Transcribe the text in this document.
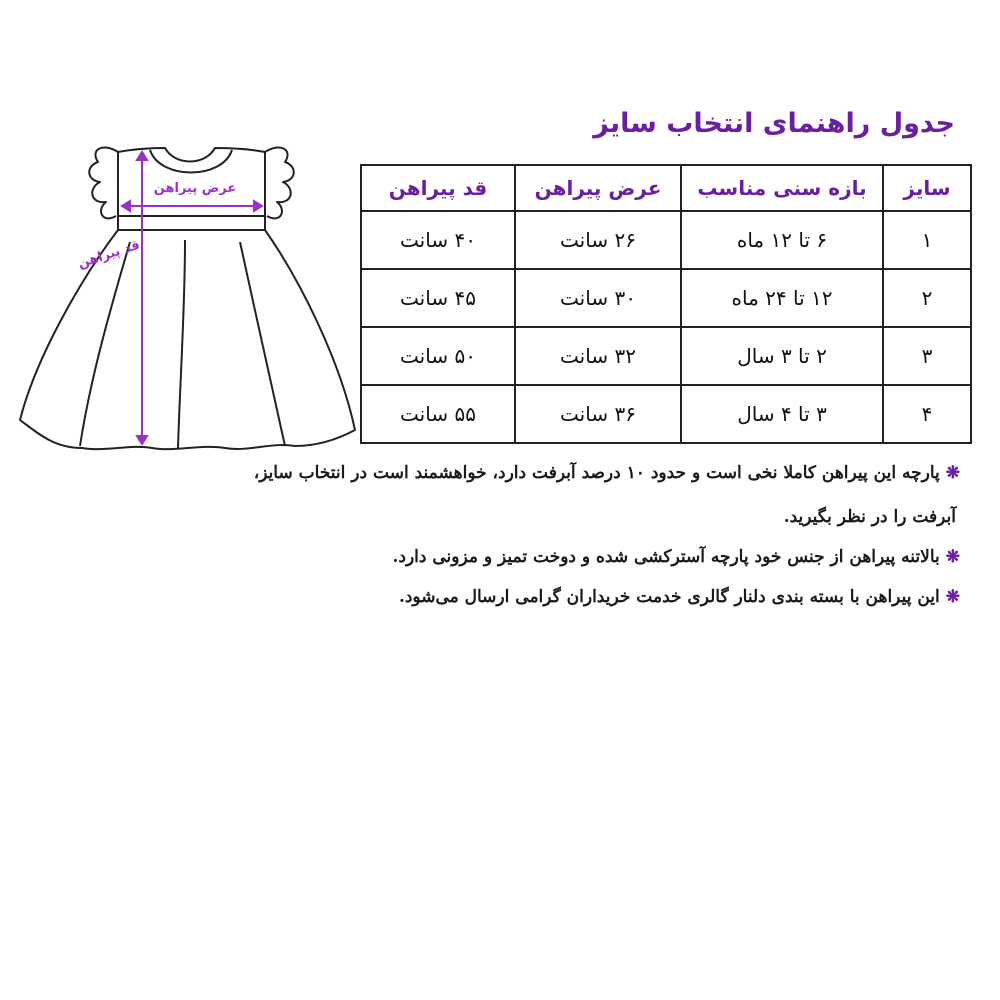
جدول راهنمای انتخاب سایز
عرض پیراهن
قد پیراهن
سایز	بازه سنی مناسب	عرض پیراهن	قد پیراهن
۱	۶ تا ۱۲ ماه	۲۶ سانت	۴۰ سانت
۲	۱۲ تا ۲۴ ماه	۳۰ سانت	۴۵ سانت
۳	۲ تا ۳ سال	۳۲ سانت	۵۰ سانت
۴	۳ تا ۴ سال	۳۶ سانت	۵۵ سانت
❋پارچه این پیراهن کاملا نخی است و حدود ۱۰ درصد آبرفت دارد، خواهشمند است در انتخاب سایز،
آبرفت را در نظر بگیرید.
❋بالاتنه پیراهن از جنس خود پارچه آسترکشی شده و دوخت تمیز و مزونی دارد.
❋این پیراهن با بسته بندی دلنار گالری خدمت خریداران گرامی ارسال می‌شود.
